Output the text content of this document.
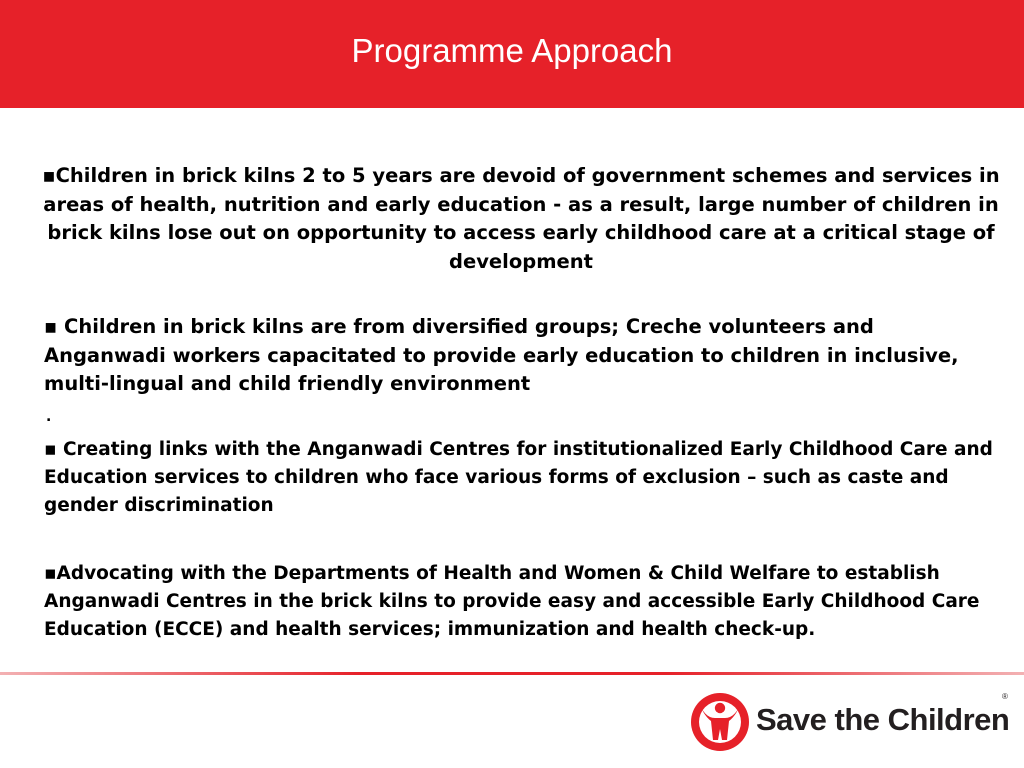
Programme Approach

▪Children in brick kilns 2 to 5 years are devoid of government schemes and services in areas of health, nutrition and early education - as a result, large number of children in brick kilns lose out on opportunity to access early childhood care at a critical stage of development

▪ Children in brick kilns are from diversified groups; Creche volunteers and Anganwadi workers capacitated to provide early education to children in inclusive, multi-lingual and child friendly environment

.

▪ Creating links with the Anganwadi Centres for institutionalized Early Childhood Care and Education services to children who face various forms of exclusion – such as caste and gender discrimination

▪Advocating with the Departments of Health and Women & Child Welfare to establish Anganwadi Centres in the brick kilns to provide easy and accessible Early Childhood Care Education (ECCE) and health services; immunization and health check-up.

Save the Children
®
